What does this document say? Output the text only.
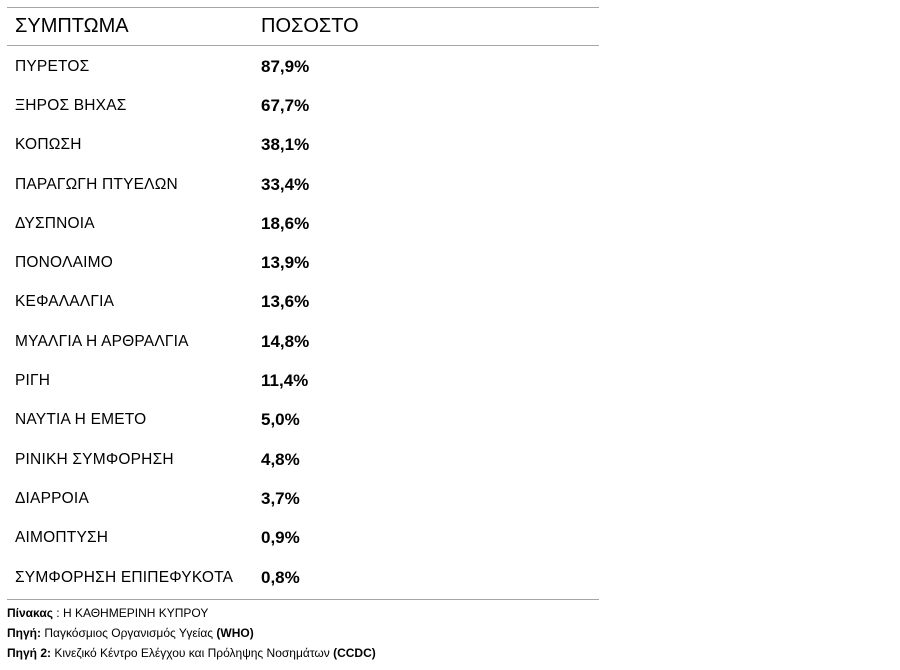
ΣΥΜΠΤΩΜΑ	ΠΟΣΟΣΤΟ
ΠΥΡΕΤΟΣ	87,9%
ΞΗΡΟΣ ΒΗΧΑΣ	67,7%
ΚΟΠΩΣΗ	38,1%
ΠΑΡΑΓΩΓΗ ΠΤΥΕΛΩΝ	33,4%
ΔΥΣΠΝΟΙΑ	18,6%
ΠΟΝΟΛΑΙΜΟ	13,9%
ΚΕΦΑΛΑΛΓΙΑ	13,6%
ΜΥΑΛΓΙΑ Η ΑΡΘΡΑΛΓΙΑ	14,8%
ΡΙΓΗ	11,4%
ΝΑΥΤΙΑ Η ΕΜΕΤΟ	5,0%
ΡΙΝΙΚΗ ΣΥΜΦΟΡΗΣΗ	4,8%
ΔΙΑΡΡΟΙΑ	3,7%
ΑΙΜΟΠΤΥΣΗ	0,9%
ΣΥΜΦΟΡΗΣΗ ΕΠΙΠΕΦΥΚΟΤΑ	0,8%
Πίνακας : Η ΚΑΘΗΜΕΡΙΝΗ ΚΥΠΡΟΥ
Πηγή: Παγκόσμιος Οργανισμός Υγείας (WHO)
Πηγή 2: Κινεζικό Κέντρο Ελέγχου και Πρόληψης Νοσημάτων (CCDC)
